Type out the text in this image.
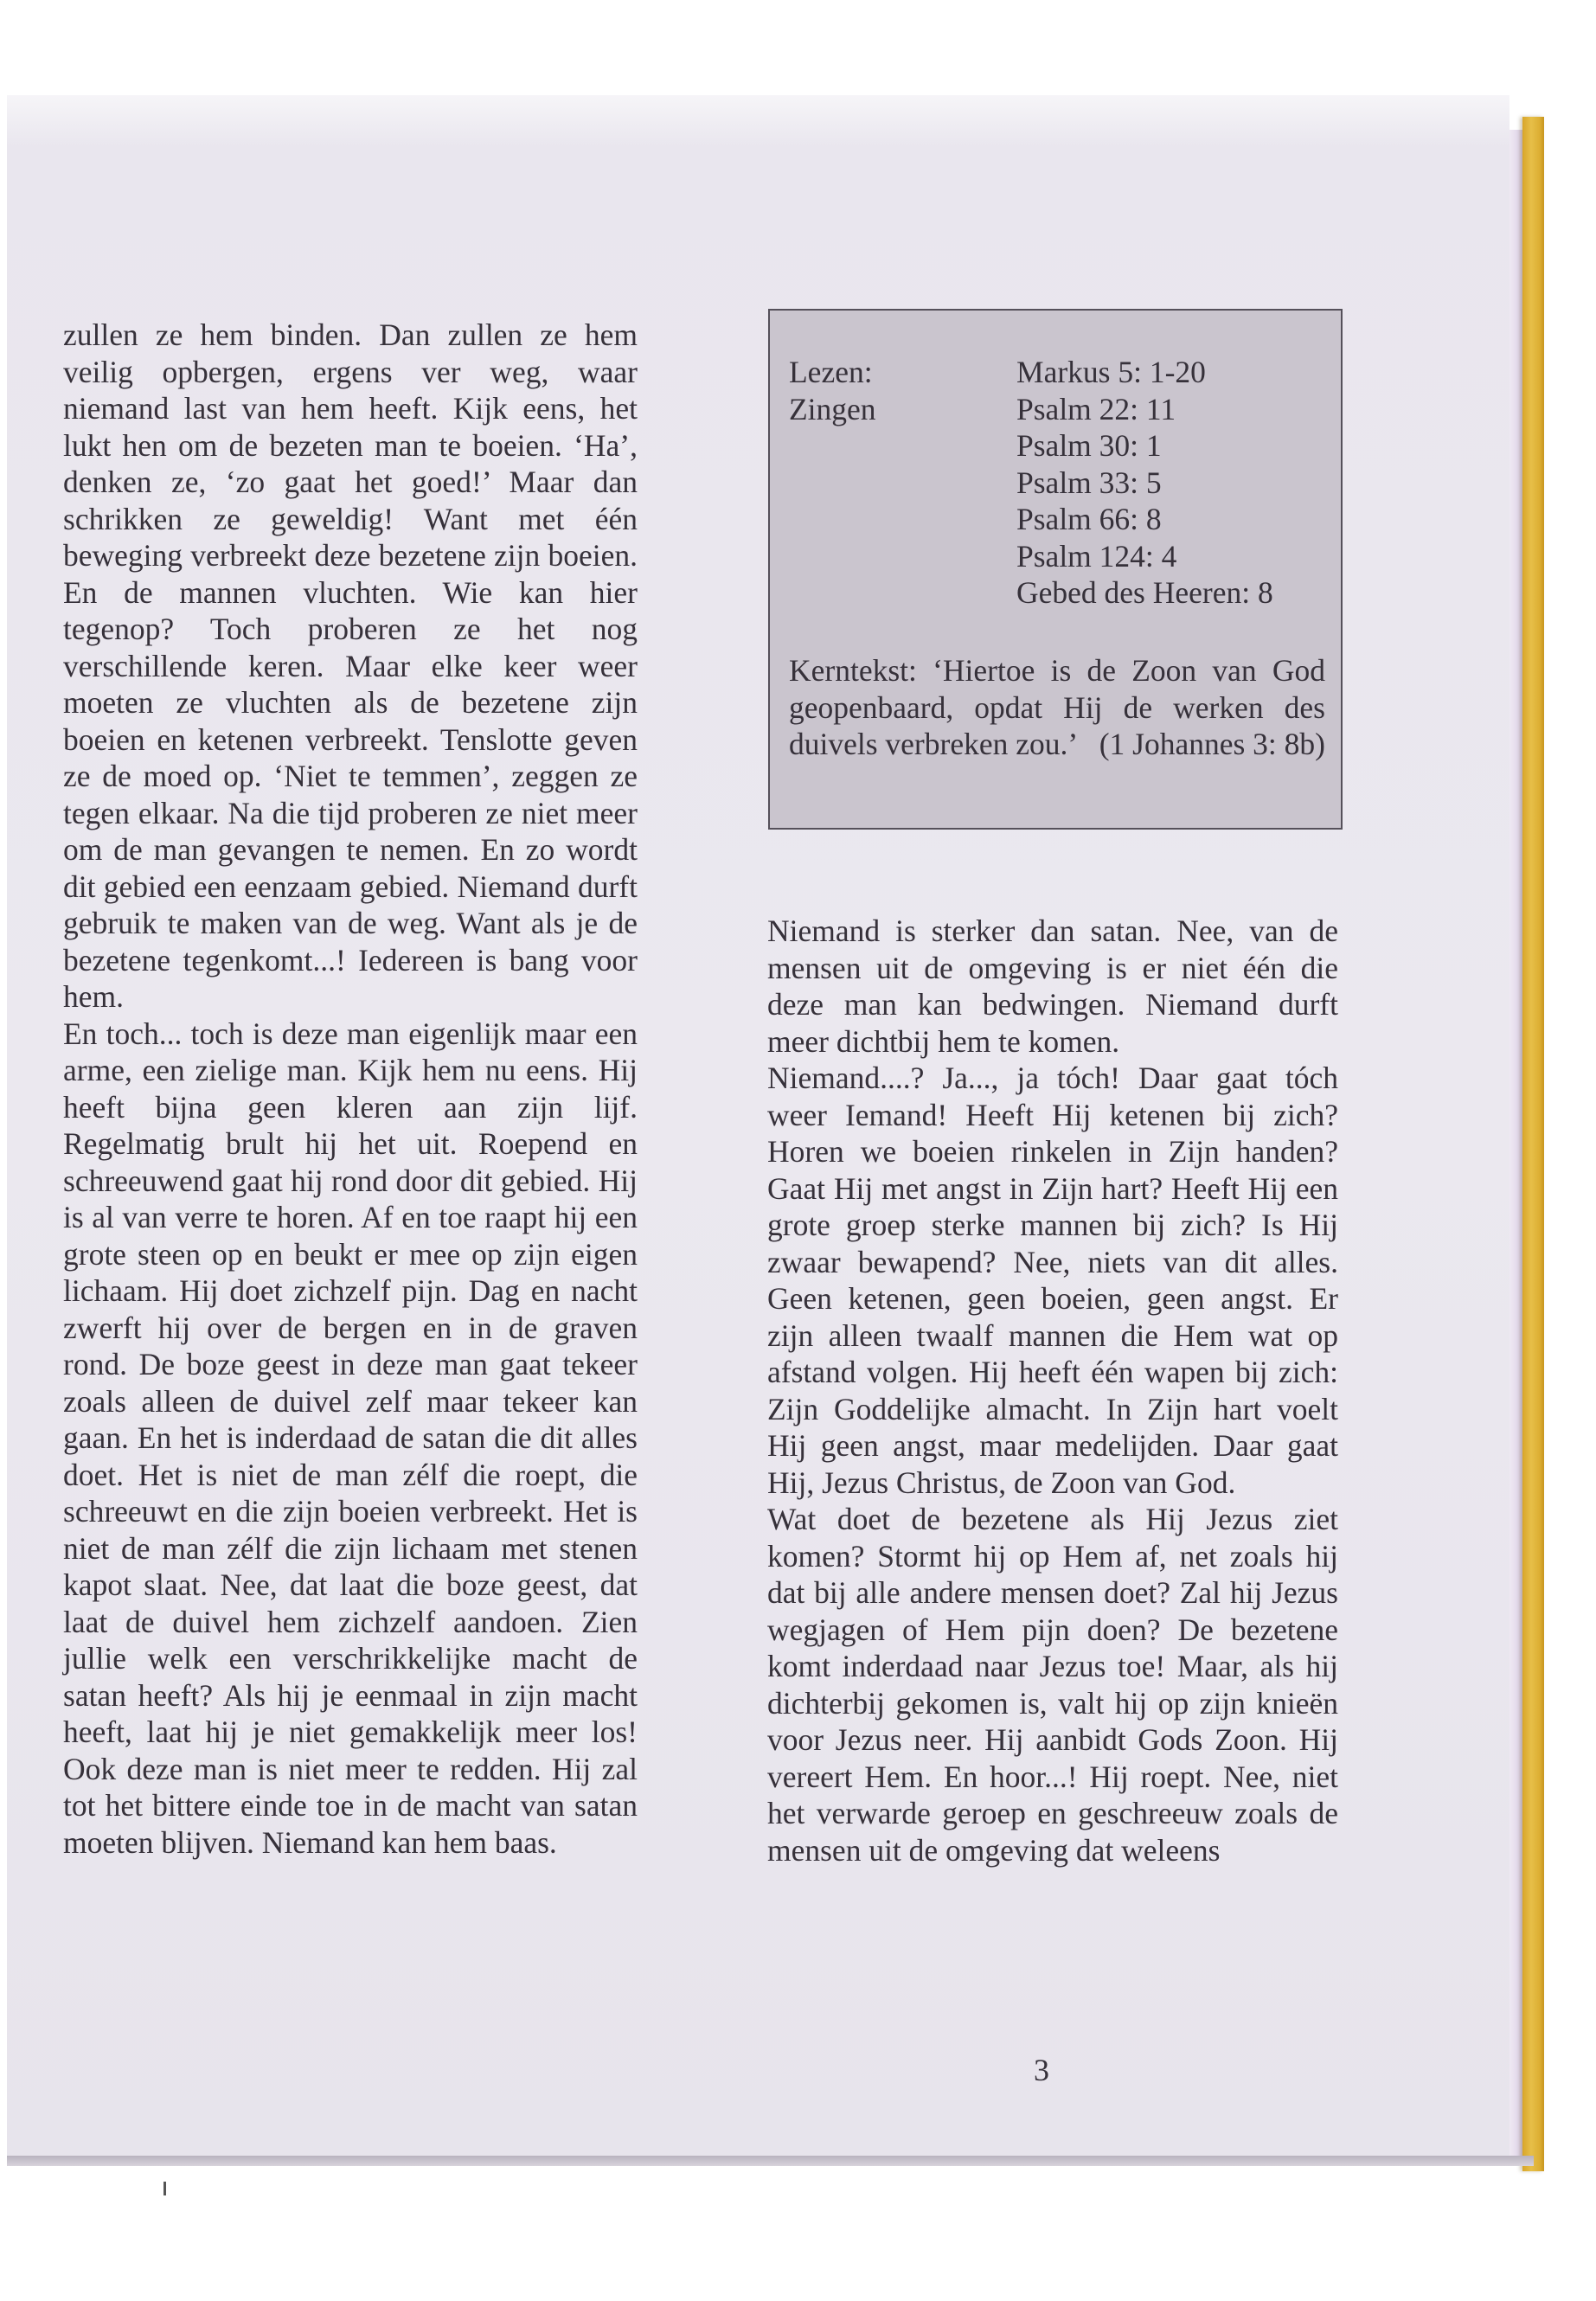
zullen ze hem binden. Dan zullen ze hem veilig opbergen, ergens ver weg, waar niemand last van hem heeft. Kijk eens, het lukt hen om de bezeten man te boeien. ‘Ha’, denken ze, ‘zo gaat het goed!’ Maar dan schrikken ze geweldig! Want met één beweging verbreekt deze bezetene zijn boeien. En de mannen vluchten. Wie kan hier tegenop? Toch proberen ze het nog verschillende keren. Maar elke keer weer moeten ze vluchten als de bezetene zijn boeien en ketenen verbreekt. Tenslotte geven ze de moed op. ‘Niet te temmen’, zeggen ze tegen elkaar. Na die tijd proberen ze niet meer om de man gevangen te nemen. En zo wordt dit gebied een eenzaam gebied. Niemand durft gebruik te maken van de weg. Want als je de bezetene tegenkomt...! Iedereen is bang voor hem.

En toch... toch is deze man eigenlijk maar een arme, een zielige man. Kijk hem nu eens. Hij heeft bijna geen kleren aan zijn lijf. Regelmatig brult hij het uit. Roepend en schreeuwend gaat hij rond door dit gebied. Hij is al van verre te horen. Af en toe raapt hij een grote steen op en beukt er mee op zijn eigen lichaam. Hij doet zichzelf pijn. Dag en nacht zwerft hij over de bergen en in de graven rond. De boze geest in deze man gaat tekeer zoals alleen de duivel zelf maar tekeer kan gaan. En het is inderdaad de satan die dit alles doet. Het is niet de man zélf die roept, die schreeuwt en die zijn boeien verbreekt. Het is niet de man zélf die zijn lichaam met stenen kapot slaat. Nee, dat laat die boze geest, dat laat de duivel hem zichzelf aandoen. Zien jullie welk een verschrikkelijke macht de satan heeft? Als hij je eenmaal in zijn macht heeft, laat hij je niet gemakkelijk meer los! Ook deze man is niet meer te redden. Hij zal tot het bittere einde toe in de macht van satan moeten blijven. Niemand kan hem baas.

Lezen:	Markus 5: 1-20
Zingen	Psalm 22: 11
Psalm 30: 1
Psalm 33: 5
Psalm 66: 8
Psalm 124: 4
Gebed des Heeren: 8
Kerntekst: ‘Hiertoe is de Zoon van God geopenbaard, opdat Hij de werken des duivels verbreken zou.’ (1 Johannes 3: 8b)

Niemand is sterker dan satan. Nee, van de mensen uit de omgeving is er niet één die deze man kan bedwingen. Niemand durft meer dichtbij hem te komen.

Niemand....? Ja..., ja tóch! Daar gaat tóch weer Iemand! Heeft Hij ketenen bij zich? Horen we boeien rinkelen in Zijn handen? Gaat Hij met angst in Zijn hart? Heeft Hij een grote groep sterke mannen bij zich? Is Hij zwaar bewapend? Nee, niets van dit alles. Geen ketenen, geen boeien, geen angst. Er zijn alleen twaalf mannen die Hem wat op afstand volgen. Hij heeft één wapen bij zich: Zijn Goddelijke almacht. In Zijn hart voelt Hij geen angst, maar medelijden. Daar gaat Hij, Jezus Christus, de Zoon van God.

Wat doet de bezetene als Hij Jezus ziet komen? Stormt hij op Hem af, net zoals hij dat bij alle andere mensen doet? Zal hij Jezus wegjagen of Hem pijn doen? De bezetene komt inderdaad naar Jezus toe! Maar, als hij dichterbij gekomen is, valt hij op zijn knieën voor Jezus neer. Hij aanbidt Gods Zoon. Hij vereert Hem. En hoor...! Hij roept. Nee, niet het verwarde geroep en geschreeuw zoals de mensen uit de omgeving dat weleens

3
